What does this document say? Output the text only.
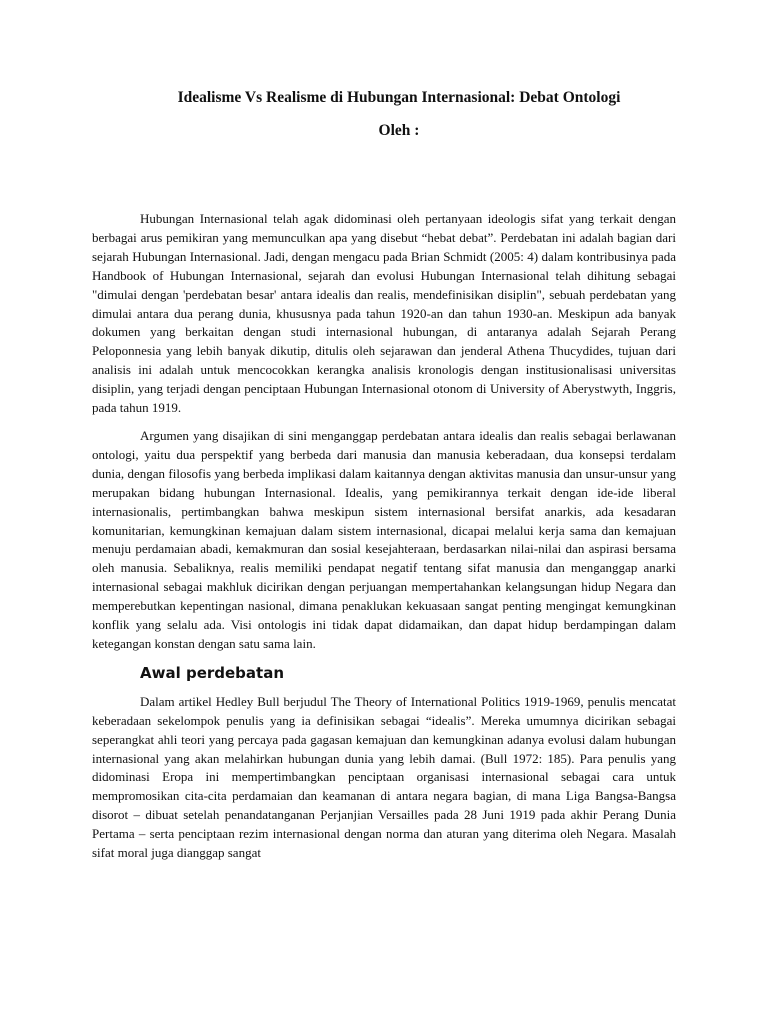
Idealisme Vs Realisme di Hubungan Internasional: Debat Ontologi
Oleh :

Hubungan Internasional telah agak didominasi oleh pertanyaan ideologis sifat yang terkait dengan berbagai arus pemikiran yang memunculkan apa yang disebut “hebat debat”. Perdebatan ini adalah bagian dari sejarah Hubungan Internasional. Jadi, dengan mengacu pada Brian Schmidt (2005: 4) dalam kontribusinya pada Handbook of Hubungan Internasional, sejarah dan evolusi Hubungan Internasional telah dihitung sebagai "dimulai dengan 'perdebatan besar' antara idealis dan realis, mendefinisikan disiplin", sebuah perdebatan yang dimulai antara dua perang dunia, khususnya pada tahun 1920-an dan tahun 1930-an. Meskipun ada banyak dokumen yang berkaitan dengan studi internasional hubungan, di antaranya adalah Sejarah Perang Peloponnesia yang lebih banyak dikutip, ditulis oleh sejarawan dan jenderal Athena Thucydides, tujuan dari analisis ini adalah untuk mencocokkan kerangka analisis kronologis dengan institusionalisasi universitas disiplin, yang terjadi dengan penciptaan Hubungan Internasional otonom di University of Aberystwyth, Inggris, pada tahun 1919.

Argumen yang disajikan di sini menganggap perdebatan antara idealis dan realis sebagai berlawanan ontologi, yaitu dua perspektif yang berbeda dari manusia dan manusia keberadaan, dua konsepsi terdalam dunia, dengan filosofis yang berbeda implikasi dalam kaitannya dengan aktivitas manusia dan unsur-unsur yang merupakan bidang hubungan Internasional. Idealis, yang pemikirannya terkait dengan ide-ide liberal internasionalis, pertimbangkan bahwa meskipun sistem internasional bersifat anarkis, ada kesadaran komunitarian, kemungkinan kemajuan dalam sistem internasional, dicapai melalui kerja sama dan kemajuan menuju perdamaian abadi, kemakmuran dan sosial kesejahteraan, berdasarkan nilai-nilai dan aspirasi bersama oleh manusia. Sebaliknya, realis memiliki pendapat negatif tentang sifat manusia dan menganggap anarki internasional sebagai makhluk dicirikan dengan perjuangan mempertahankan kelangsungan hidup Negara dan memperebutkan kepentingan nasional, dimana penaklukan kekuasaan sangat penting mengingat kemungkinan konflik yang selalu ada. Visi ontologis ini tidak dapat didamaikan, dan dapat hidup berdampingan dalam ketegangan konstan dengan satu sama lain.

Awal perdebatan

Dalam artikel Hedley Bull berjudul The Theory of International Politics 1919-1969, penulis mencatat keberadaan sekelompok penulis yang ia definisikan sebagai “idealis”. Mereka umumnya dicirikan sebagai seperangkat ahli teori yang percaya pada gagasan kemajuan dan kemungkinan adanya evolusi dalam hubungan internasional yang akan melahirkan hubungan dunia yang lebih damai. (Bull 1972: 185). Para penulis yang didominasi Eropa ini mempertimbangkan penciptaan organisasi internasional sebagai cara untuk mempromosikan cita-cita perdamaian dan keamanan di antara negara bagian, di mana Liga Bangsa-Bangsa disorot – dibuat setelah penandatanganan Perjanjian Versailles pada 28 Juni 1919 pada akhir Perang Dunia Pertama – serta penciptaan rezim internasional dengan norma dan aturan yang diterima oleh Negara. Masalah sifat moral juga dianggap sangat
